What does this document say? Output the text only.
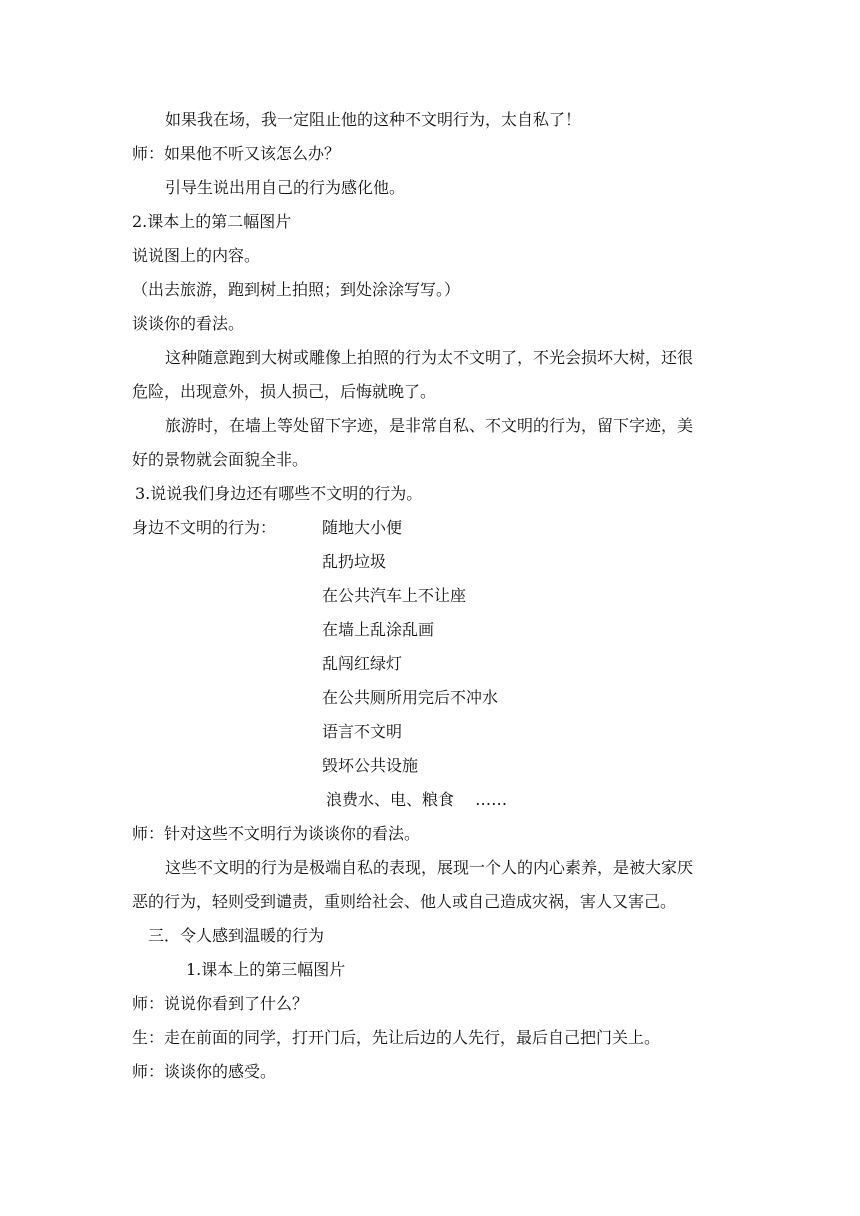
如果我在场，我一定阻止他的这种不文明行为，太自私了！
师：如果他不听又该怎么办？
引导生说出用自己的行为感化他。
2.课本上的第二幅图片
说说图上的内容。
（出去旅游，跑到树上拍照；到处涂涂写写。）
谈谈你的看法。
这种随意跑到大树或雕像上拍照的行为太不文明了，不光会损坏大树，还很
危险，出现意外，损人损己，后悔就晚了。
旅游时，在墙上等处留下字迹，是非常自私、不文明的行为，留下字迹，美
好的景物就会面貌全非。
3.说说我们身边还有哪些不文明的行为。
身边不文明的行为：	随地大小便
乱扔垃圾
在公共汽车上不让座
在墙上乱涂乱画
乱闯红绿灯
在公共厕所用完后不冲水
语言不文明
毁坏公共设施
浪费水、电、粮食　 ……
师：针对这些不文明行为谈谈你的看法。
这些不文明的行为是极端自私的表现，展现一个人的内心素养，是被大家厌
恶的行为，轻则受到谴责，重则给社会、他人或自己造成灾祸，害人又害己。
三．令人感到温暖的行为
1.课本上的第三幅图片
师：说说你看到了什么？
生：走在前面的同学，打开门后，先让后边的人先行，最后自己把门关上。
师：谈谈你的感受。
